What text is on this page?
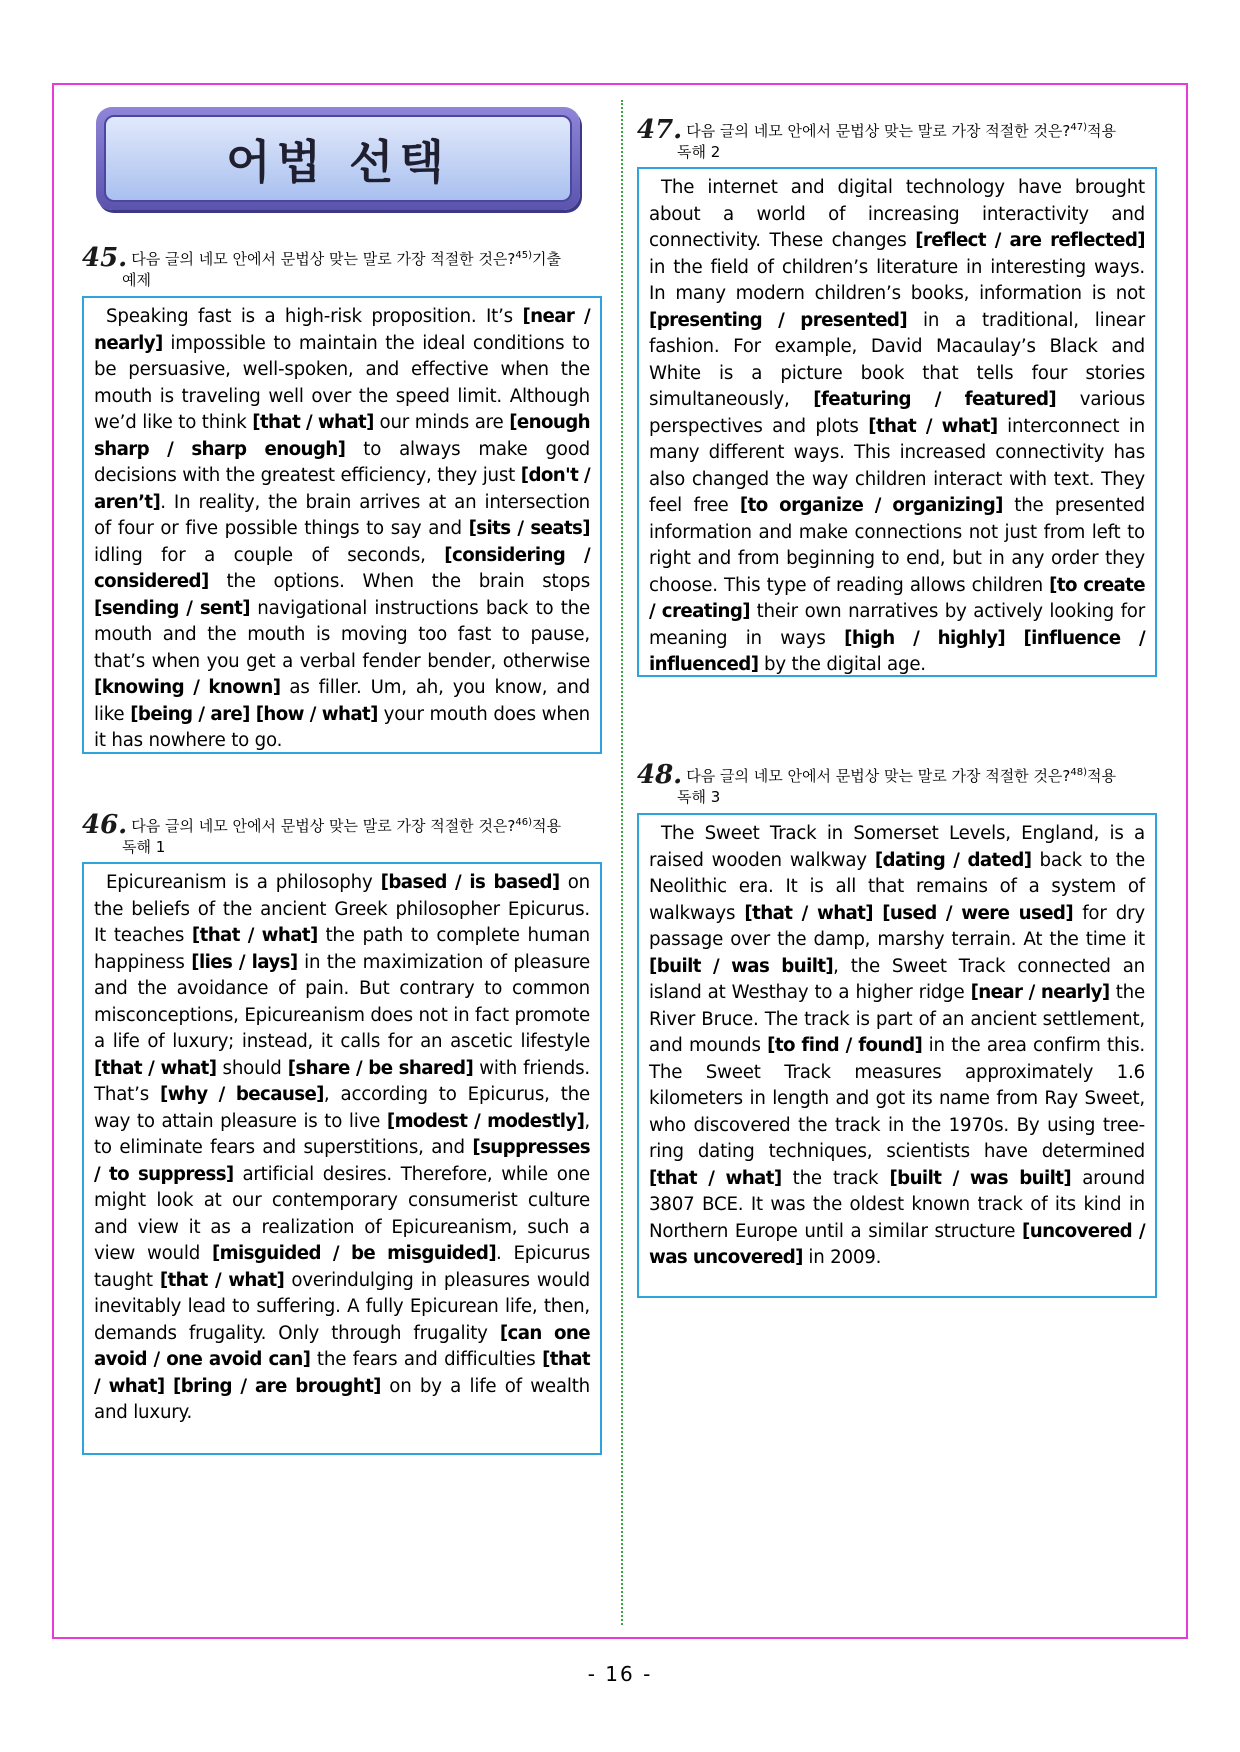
어법 선택
45. 다음 글의 네모 안에서 문법상 맞는 말로 가장 적절한 것은?$^{45)}$기출
예제

Speaking fast is a high-risk proposition. It’s [near / nearly] impossible to maintain the ideal conditions to be persuasive, well-spoken, and effective when the mouth is traveling well over the speed limit. Although we’d like to think [that / what] our minds are [enough sharp / sharp enough] to always make good decisions with the greatest efficiency, they just [don't / aren’t]. In reality, the brain arrives at an intersection of four or five possible things to say and [sits / seats] idling for a couple of seconds, [considering / considered] the options. When the brain stops [sending / sent] navigational instructions back to the mouth and the mouth is moving too fast to pause, that’s when you get a verbal fender bender, otherwise [knowing / known] as filler. Um, ah, you know, and like [being / are] [how / what] your mouth does when it has nowhere to go.

46. 다음 글의 네모 안에서 문법상 맞는 말로 가장 적절한 것은?$^{46)}$적용
독해 1

Epicureanism is a philosophy [based / is based] on the beliefs of the ancient Greek philosopher Epicurus. It teaches [that / what] the path to complete human happiness [lies / lays] in the maximization of pleasure and the avoidance of pain. But contrary to common misconceptions, Epicureanism does not in fact promote a life of luxury; instead, it calls for an ascetic lifestyle [that / what] should [share / be shared] with friends. That’s [why / because], according to Epicurus, the way to attain pleasure is to live [modest / modestly], to eliminate fears and superstitions, and [suppresses / to suppress] artificial desires. Therefore, while one might look at our contemporary consumerist culture and view it as a realization of Epicureanism, such a view would [misguided / be misguided]. Epicurus taught [that / what] overindulging in pleasures would inevitably lead to suffering. A fully Epicurean life, then, demands frugality. Only through frugality [can one avoid / one avoid can] the fears and difficulties [that / what] [bring / are brought] on by a life of wealth and luxury.

47. 다음 글의 네모 안에서 문법상 맞는 말로 가장 적절한 것은?$^{47)}$적용
독해 2

The internet and digital technology have brought about a world of increasing interactivity and connectivity. These changes [reflect / are reflected] in the field of children’s literature in interesting ways. In many modern children’s books, information is not [presenting / presented] in a traditional, linear fashion. For example, David Macaulay’s Black and White is a picture book that tells four stories simultaneously, [featuring / featured] various perspectives and plots [that / what] interconnect in many different ways. This increased connectivity has also changed the way children interact with text. They feel free [to organize / organizing] the presented information and make connections not just from left to right and from beginning to end, but in any order they choose. This type of reading allows children [to create / creating] their own narratives by actively looking for meaning in ways [high / highly] [influence / influenced] by the digital age.

48. 다음 글의 네모 안에서 문법상 맞는 말로 가장 적절한 것은?$^{48)}$적용
독해 3

The Sweet Track in Somerset Levels, England, is a raised wooden walkway [dating / dated] back to the Neolithic era. It is all that remains of a system of walkways [that / what] [used / were used] for dry passage over the damp, marshy terrain. At the time it [built / was built], the Sweet Track connected an island at Westhay to a higher ridge [near / nearly] the River Bruce. The track is part of an ancient settlement, and mounds [to find / found] in the area confirm this. The Sweet Track measures approximately 1.6 kilometers in length and got its name from Ray Sweet, who discovered the track in the 1970s. By using tree-ring dating techniques, scientists have determined [that / what] the track [built / was built] around 3807 BCE. It was the oldest known track of its kind in Northern Europe until a similar structure [uncovered / was uncovered] in 2009.

- 16 -
